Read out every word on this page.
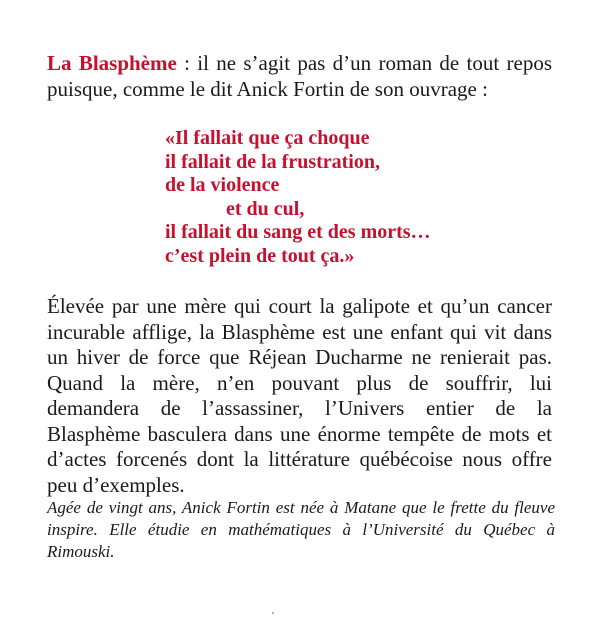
La Blasphème : il ne s’agit pas d’un roman de tout repos puisque, comme le dit Anick Fortin de son ouvrage :

«Il fallait que ça choque
il fallait de la frustration,
de la violence
et du cul,
il fallait du sang et des morts…
c’est plein de tout ça.»

Élevée par une mère qui court la galipote et qu’un cancer incurable afflige, la Blasphème est une enfant qui vit dans un hiver de force que Réjean Ducharme ne renierait pas. Quand la mère, n’en pouvant plus de souffrir, lui demandera de l’assassiner, l’Univers entier de la Blasphème basculera dans une énorme tempête de mots et d’actes forcenés dont la littérature québécoise nous offre peu d’exemples.

Agée de vingt ans, Anick Fortin est née à Matane que le frette du fleuve inspire. Elle étudie en mathématiques à l’Université du Québec à Rimouski.
